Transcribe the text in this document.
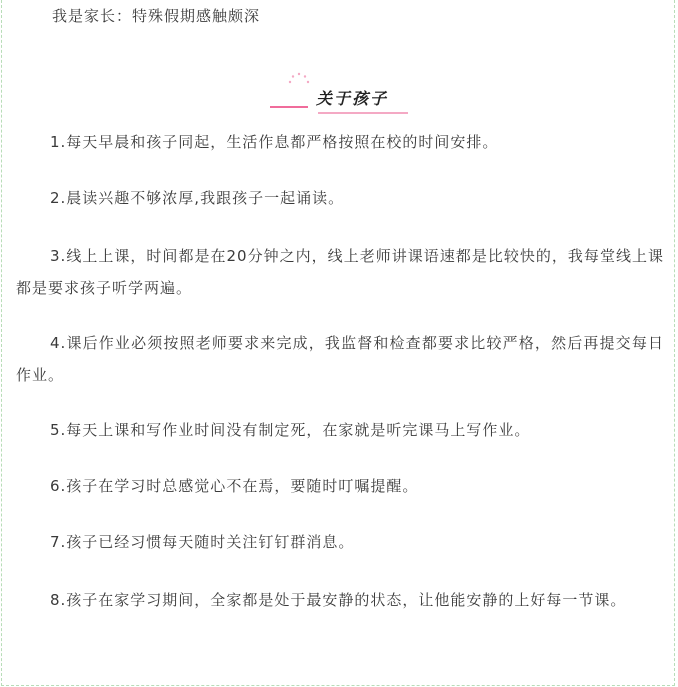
我是家长：特殊假期感触颇深
关于孩子

1.每天早晨和孩子同起，生活作息都严格按照在校的时间安排。

2.晨读兴趣不够浓厚,我跟孩子一起诵读。

3.线上上课，时间都是在20分钟之内，线上老师讲课语速都是比较快的，我每堂线上课都是要求孩子听学两遍。

4.课后作业必须按照老师要求来完成，我监督和检查都要求比较严格，然后再提交每日作业。

5.每天上课和写作业时间没有制定死，在家就是听完课马上写作业。

6.孩子在学习时总感觉心不在焉，要随时叮嘱提醒。

7.孩子已经习惯每天随时关注钉钉群消息。

8.孩子在家学习期间，全家都是处于最安静的状态，让他能安静的上好每一节课。
